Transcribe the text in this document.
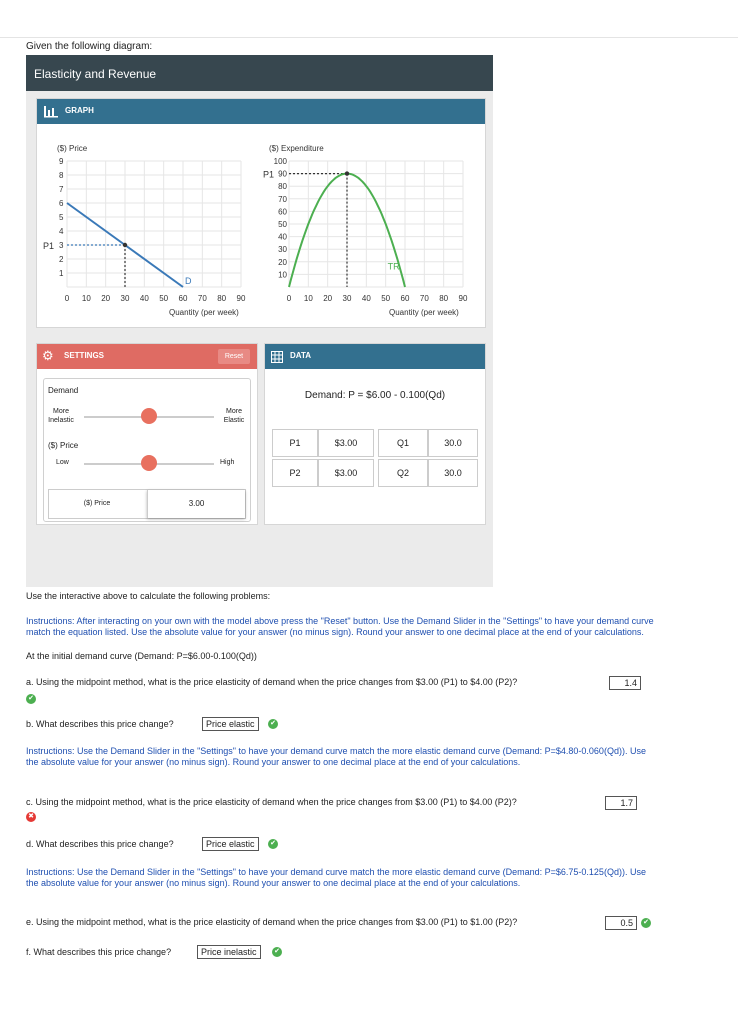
Given the following diagram:
Elasticity and Revenue
GRAPH
($) Price
9
8
7
6
5
4
3
2
1
D
P1
0 10 20 30 40 50 60 70 80 90
Quantity (per week)
($) Expenditure
100
90
80
70
60
50
40
30
20
10
TR
P1
0 10 20 30 40 50 60 70 80 90
Quantity (per week)
⚙ SETTINGS	Reset
Demand
More Inelastic
More Elastic
($) Price
Low	High
($) Price	3.00
DATA
Demand: P = $6.00 - 0.100(Qd)
P1	$3.00	Q1	30.0
P2	$3.00	Q2	30.0
Use the interactive above to calculate the following problems:
Instructions: After interacting on your own with the model above press the "Reset" button. Use the Demand Slider in the "Settings" to have your demand curve match the equation listed. Use the absolute value for your answer (no minus sign). Round your answer to one decimal place at the end of your calculations.
At the initial demand curve (Demand: P=$6.00-0.100(Qd))
a. Using the midpoint method, what is the price elasticity of demand when the price changes from $3.00 (P1) to $4.00 (P2)?	1.4
✔
b. What describes this price change?	Price elastic	✔
Instructions: Use the Demand Slider in the "Settings" to have your demand curve match the more elastic demand curve (Demand: P=$4.80-0.060(Qd)). Use the absolute value for your answer (no minus sign). Round your answer to one decimal place at the end of your calculations.
c. Using the midpoint method, what is the price elasticity of demand when the price changes from $3.00 (P1) to $4.00 (P2)?	1.7
✖
d. What describes this price change?	Price elastic	✔
Instructions: Use the Demand Slider in the "Settings" to have your demand curve match the more elastic demand curve (Demand: P=$6.75-0.125(Qd)). Use the absolute value for your answer (no minus sign). Round your answer to one decimal place at the end of your calculations.
e. Using the midpoint method, what is the price elasticity of demand when the price changes from $3.00 (P1) to $1.00 (P2)?	0.5	✔
f. What describes this price change?	Price inelastic	✔
